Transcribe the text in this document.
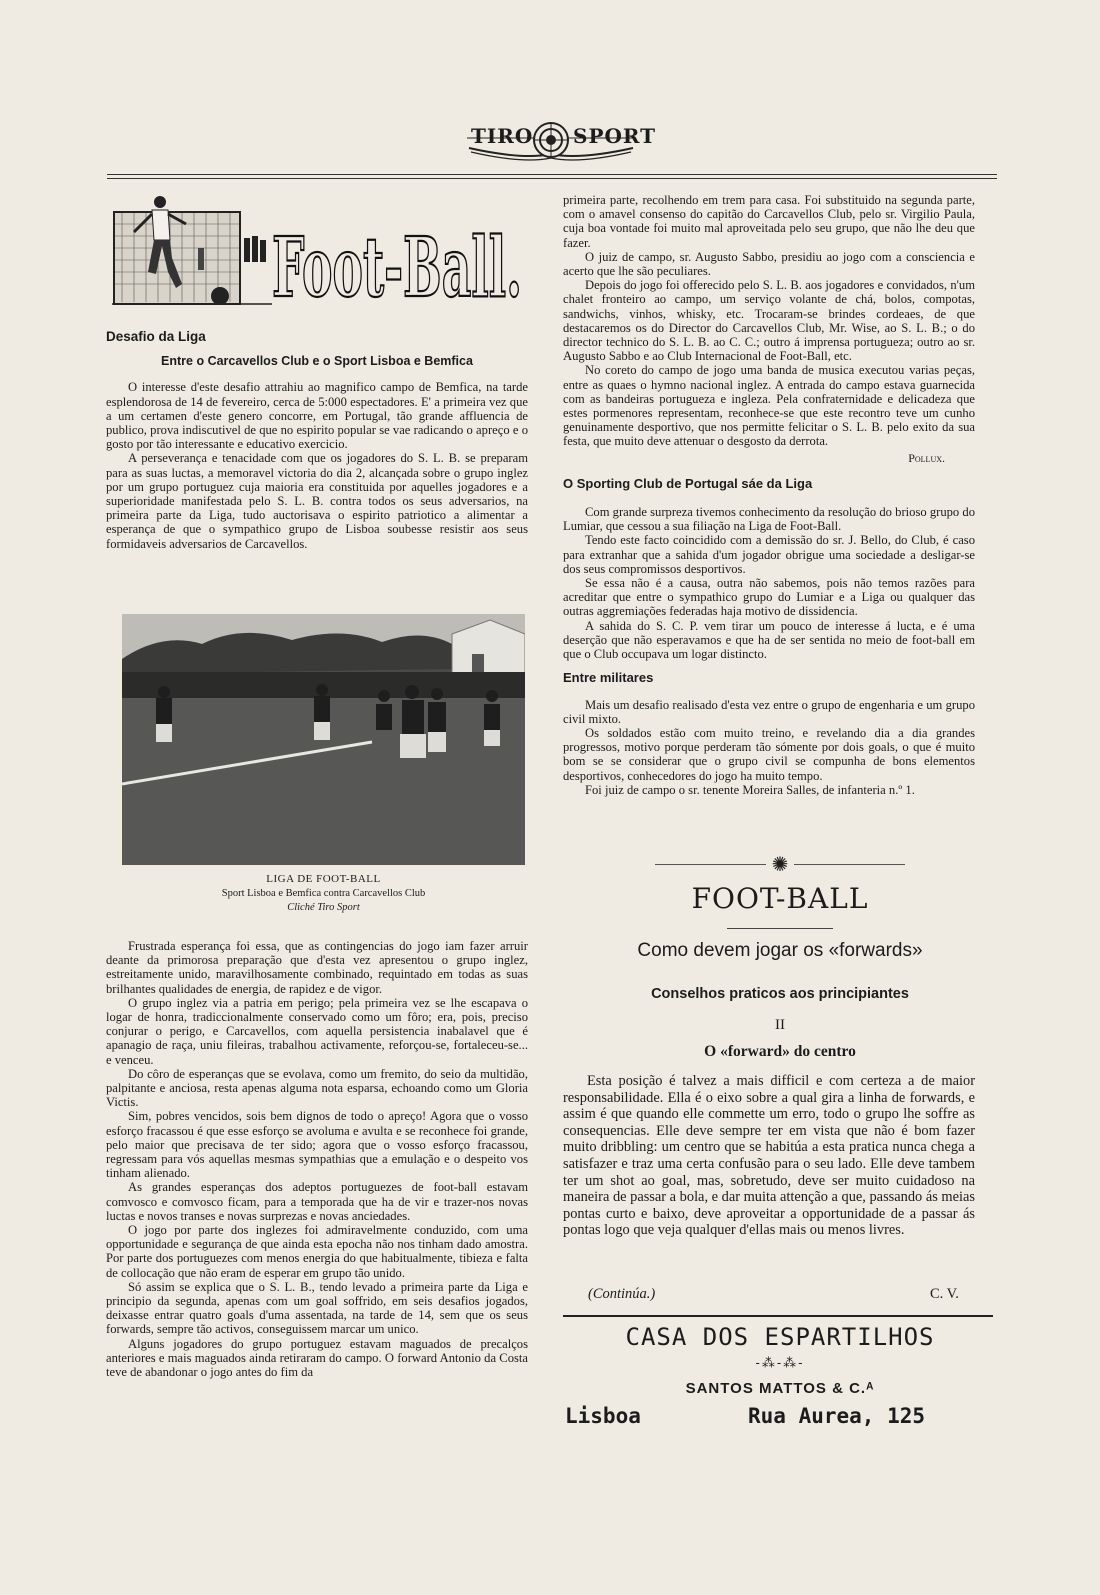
TIRO SPORT
Foot-Ball.

Desafio da Liga

Entre o Carcavellos Club e o Sport Lisboa e Bemfica

O interesse d'este desafio attrahiu ao magnifico campo de Bemfica, na tarde esplendorosa de 14 de fevereiro, cerca de 5:000 espectadores. E' a primeira vez que a um certamen d'este genero concorre, em Portugal, tão grande affluencia de publico, prova indiscutivel de que no espirito popular se vae radicando o apreço e o gosto por tão interessante e educativo exercicio.

A perseverança e tenacidade com que os jogadores do S. L. B. se preparam para as suas luctas, a memoravel victoria do dia 2, alcançada sobre o grupo inglez por um grupo portuguez cuja maioria era constituida por aquelles jogadores e a superioridade manifestada pelo S. L. B. contra todos os seus adversarios, na primeira parte da Liga, tudo auctorisava o espirito patriotico a alimentar a esperança de que o sympathico grupo de Lisboa soubesse resistir aos seus formidaveis adversarios de Carcavellos.

LIGA DE FOOT-BALL
Sport Lisboa e Bemfica contra Carcavellos Club
Cliché Tiro Sport

Frustrada esperança foi essa, que as contingencias do jogo iam fazer arruir deante da primorosa preparação que d'esta vez apresentou o grupo inglez, estreitamente unido, maravilhosamente combinado, requintado em todas as suas brilhantes qualidades de energia, de rapidez e de vigor.

O grupo inglez via a patria em perigo; pela primeira vez se lhe escapava o logar de honra, tradiccionalmente conservado como um fôro; era, pois, preciso conjurar o perigo, e Carcavellos, com aquella persistencia inabalavel que é apanagio de raça, uniu fileiras, trabalhou activamente, reforçou-se, fortaleceu-se... e venceu.

Do côro de esperanças que se evolava, como um fremito, do seio da multidão, palpitante e anciosa, resta apenas alguma nota esparsa, echoando como um Gloria Victis.

Sim, pobres vencidos, sois bem dignos de todo o apreço! Agora que o vosso esforço fracassou é que esse esforço se avoluma e avulta e se reconhece foi grande, pelo maior que precisava de ter sido; agora que o vosso esforço fracassou, regressam para vós aquellas mesmas sympathias que a emulação e o despeito vos tinham alienado.

As grandes esperanças dos adeptos portuguezes de foot-ball estavam comvosco e comvosco ficam, para a temporada que ha de vir e trazer-nos novas luctas e novos transes e novas surprezas e novas anciedades.

O jogo por parte dos inglezes foi admiravelmente conduzido, com uma opportunidade e segurança de que ainda esta epocha não nos tinham dado amostra. Por parte dos portuguezes com menos energia do que habitualmente, tibieza e falta de collocação que não eram de esperar em grupo tão unido.

Só assim se explica que o S. L. B., tendo levado a primeira parte da Liga e principio da segunda, apenas com um goal soffrido, em seis desafios jogados, deixasse entrar quatro goals d'uma assentada, na tarde de 14, sem que os seus forwards, sempre tão activos, conseguissem marcar um unico.

Alguns jogadores do grupo portuguez estavam maguados de precalços anteriores e mais maguados ainda retiraram do campo. O forward Antonio da Costa teve de abandonar o jogo antes do fim da

primeira parte, recolhendo em trem para casa. Foi substituido na segunda parte, com o amavel consenso do capitão do Carcavellos Club, pelo sr. Virgilio Paula, cuja boa vontade foi muito mal aproveitada pelo seu grupo, que não lhe deu que fazer.

O juiz de campo, sr. Augusto Sabbo, presidiu ao jogo com a consciencia e acerto que lhe são peculiares.

Depois do jogo foi offerecido pelo S. L. B. aos jogadores e convidados, n'um chalet fronteiro ao campo, um serviço volante de chá, bolos, compotas, sandwichs, vinhos, whisky, etc. Trocaram-se brindes cordeaes, de que destacaremos os do Director do Carcavellos Club, Mr. Wise, ao S. L. B.; o do director technico do S. L. B. ao C. C.; outro á imprensa portugueza; outro ao sr. Augusto Sabbo e ao Club Internacional de Foot-Ball, etc.

No coreto do campo de jogo uma banda de musica executou varias peças, entre as quaes o hymno nacional inglez. A entrada do campo estava guarnecida com as bandeiras portugueza e ingleza. Pela confraternidade e delicadeza que estes pormenores representam, reconhece-se que este recontro teve um cunho genuinamente desportivo, que nos permitte felicitar o S. L. B. pelo exito da sua festa, que muito deve attenuar o desgosto da derrota.

Pollux.

O Sporting Club de Portugal sáe da Liga

Com grande surpreza tivemos conhecimento da resolução do brioso grupo do Lumiar, que cessou a sua filiação na Liga de Foot-Ball.

Tendo este facto coincidido com a demissão do sr. J. Bello, do Club, é caso para extranhar que a sahida d'um jogador obrigue uma sociedade a desligar-se dos seus compromissos desportivos.

Se essa não é a causa, outra não sabemos, pois não temos razões para acreditar que entre o sympathico grupo do Lumiar e a Liga ou qualquer das outras aggremiações federadas haja motivo de dissidencia.

A sahida do S. C. P. vem tirar um pouco de interesse á lucta, e é uma deserção que não esperavamos e que ha de ser sentida no meio de foot-ball em que o Club occupava um logar distincto.

Entre militares

Mais um desafio realisado d'esta vez entre o grupo de engenharia e um grupo civil mixto.

Os soldados estão com muito treino, e revelando dia a dia grandes progressos, motivo porque perderam tão sómente por dois goals, o que é muito bom se se considerar que o grupo civil se compunha de bons elementos desportivos, conhecedores do jogo ha muito tempo.

Foi juiz de campo o sr. tenente Moreira Salles, de infanteria n.º 1.

✺
FOOT-BALL
Como devem jogar os «forwards»
Conselhos praticos aos principiantes
II
O «forward» do centro

Esta posição é talvez a mais difficil e com certeza a de maior responsabilidade. Ella é o eixo sobre a qual gira a linha de forwards, e assim é que quando elle commette um erro, todo o grupo lhe soffre as consequencias. Elle deve sempre ter em vista que não é bom fazer muito dribbling: um centro que se habitúa a esta pratica nunca chega a satisfazer e traz uma certa confusão para o seu lado. Elle deve tambem ter um shot ao goal, mas, sobretudo, deve ser muito cuidadoso na maneira de passar a bola, e dar muita attenção a que, passando ás meias pontas curto e baixo, deve aproveitar a opportunidade de a passar ás pontas logo que veja qualquer d'ellas mais ou menos livres.

(Continúa.)	C. V.
CASA DOS ESPARTILHOS
-⁂-⁂-
SANTOS MATTOS & C.ᴬ
Lisboa	Rua Aurea, 125
